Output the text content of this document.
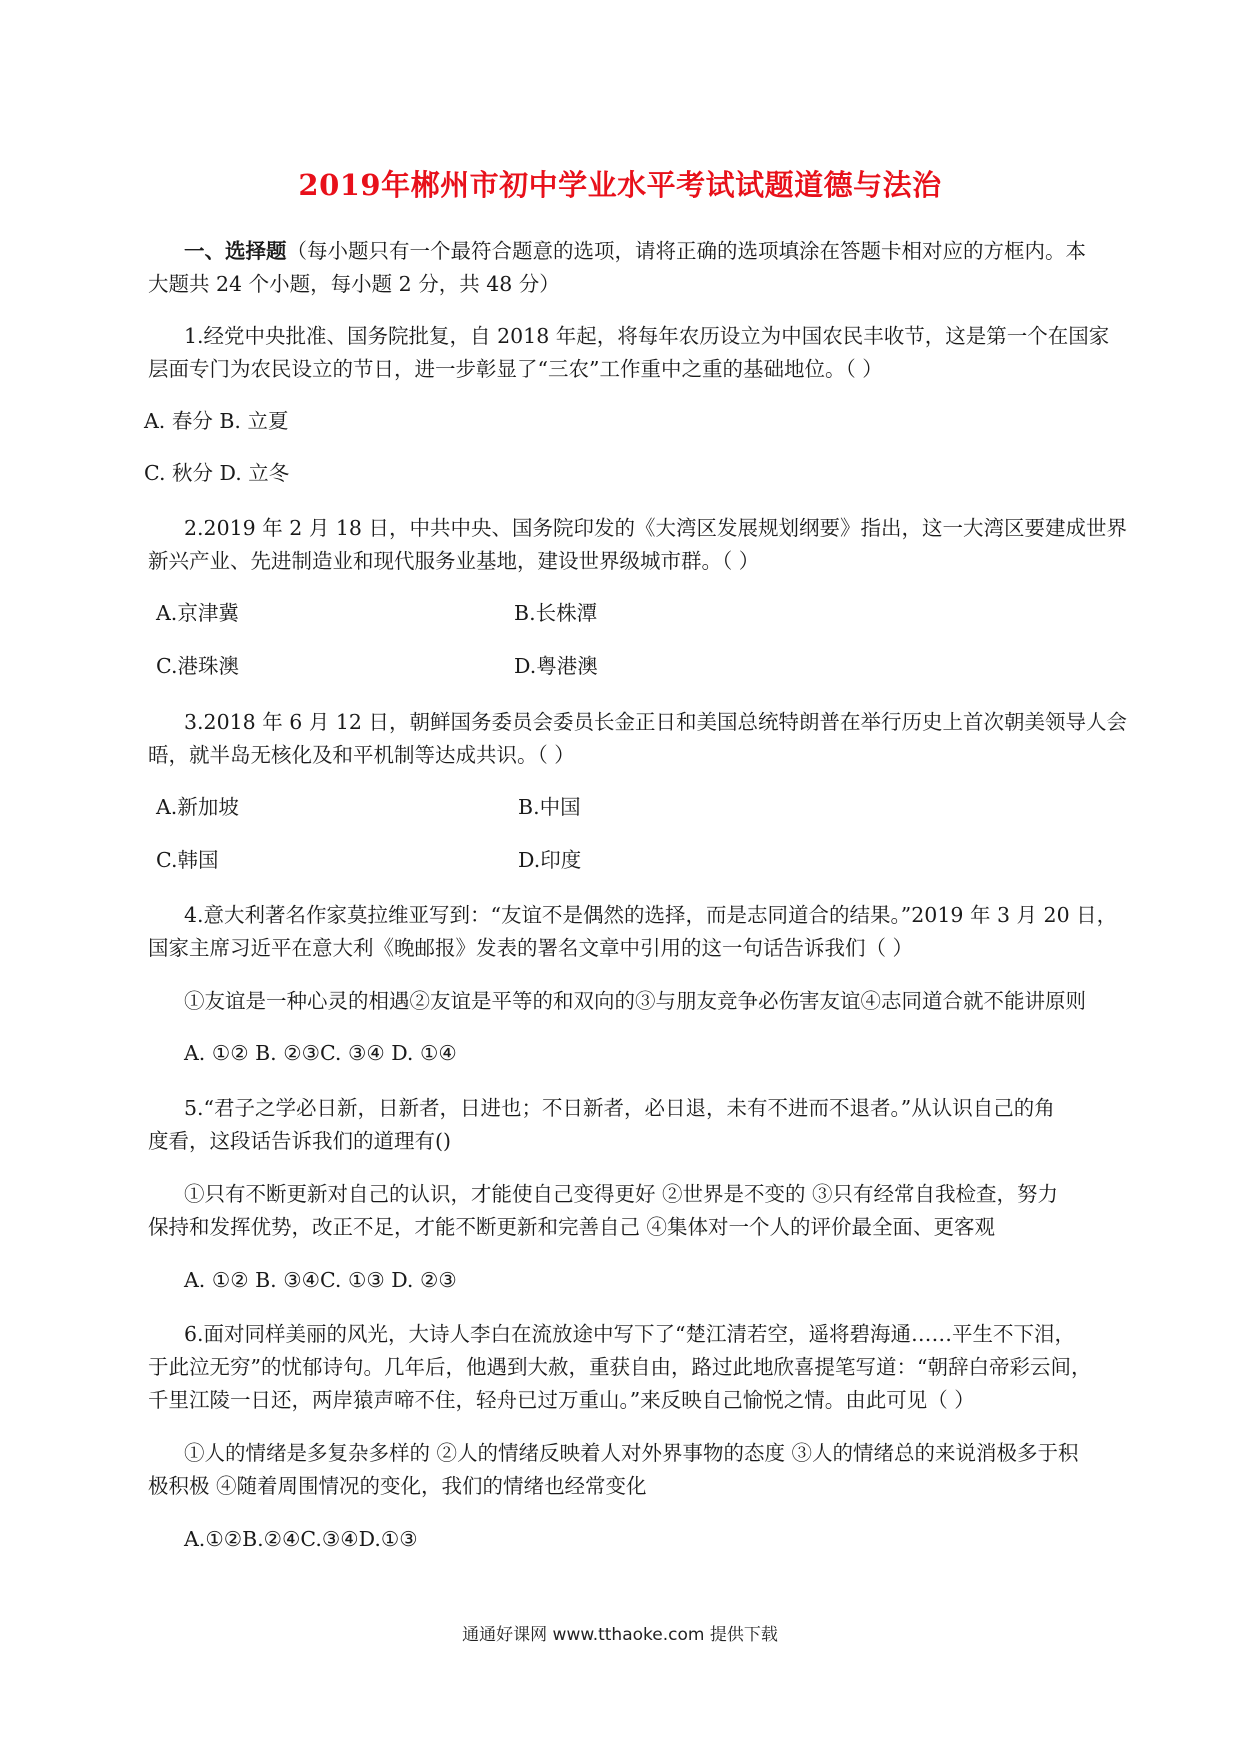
2019年郴州市初中学业水平考试试题道德与法治
一、选择题（每小题只有一个最符合题意的选项，请将正确的选项填涂在答题卡相对应的方框内。本
大题共 24 个小题，每小题 2 分，共 48 分）
1.经党中央批准、国务院批复，自 2018 年起，将每年农历设立为中国农民丰收节，这是第一个在国家
层面专门为农民设立的节日，进一步彰显了“三农”工作重中之重的基础地位。（ ）
A. 春分 B. 立夏
C. 秋分 D. 立冬
2.2019 年 2 月 18 日，中共中央、国务院印发的《大湾区发展规划纲要》指出，这一大湾区要建成世界
新兴产业、先进制造业和现代服务业基地，建设世界级城市群。（ ）
A.京津冀	B.长株潭
C.港珠澳	D.粤港澳
3.2018 年 6 月 12 日，朝鲜国务委员会委员长金正日和美国总统特朗普在举行历史上首次朝美领导人会
晤，就半岛无核化及和平机制等达成共识。（ ）
A.新加坡	B.中国
C.韩国	D.印度
4.意大利著名作家莫拉维亚写到：“友谊不是偶然的选择，而是志同道合的结果。”2019 年 3 月 20 日，
国家主席习近平在意大利《晚邮报》发表的署名文章中引用的这一句话告诉我们（ ）
①友谊是一种心灵的相遇②友谊是平等的和双向的③与朋友竞争必伤害友谊④志同道合就不能讲原则
A. ①② B. ②③C. ③④ D. ①④
5.“君子之学必日新，日新者，日进也；不日新者，必日退，未有不进而不退者。”从认识自己的角
度看，这段话告诉我们的道理有()
①只有不断更新对自己的认识，才能使自己变得更好 ②世界是不变的 ③只有经常自我检查，努力
保持和发挥优势，改正不足，才能不断更新和完善自己 ④集体对一个人的评价最全面、更客观
A. ①② B. ③④C. ①③ D. ②③
6.面对同样美丽的风光，大诗人李白在流放途中写下了“楚江清若空，遥将碧海通……平生不下泪，
于此泣无穷”的忧郁诗句。几年后，他遇到大赦，重获自由，路过此地欣喜提笔写道：“朝辞白帝彩云间，
千里江陵一日还，两岸猿声啼不住，轻舟已过万重山。”来反映自己愉悦之情。由此可见（ ）
①人的情绪是多复杂多样的 ②人的情绪反映着人对外界事物的态度 ③人的情绪总的来说消极多于积
极积极 ④随着周围情况的变化，我们的情绪也经常变化
A.①②B.②④C.③④D.①③
通通好课网 www.tthaoke.com 提供下载
